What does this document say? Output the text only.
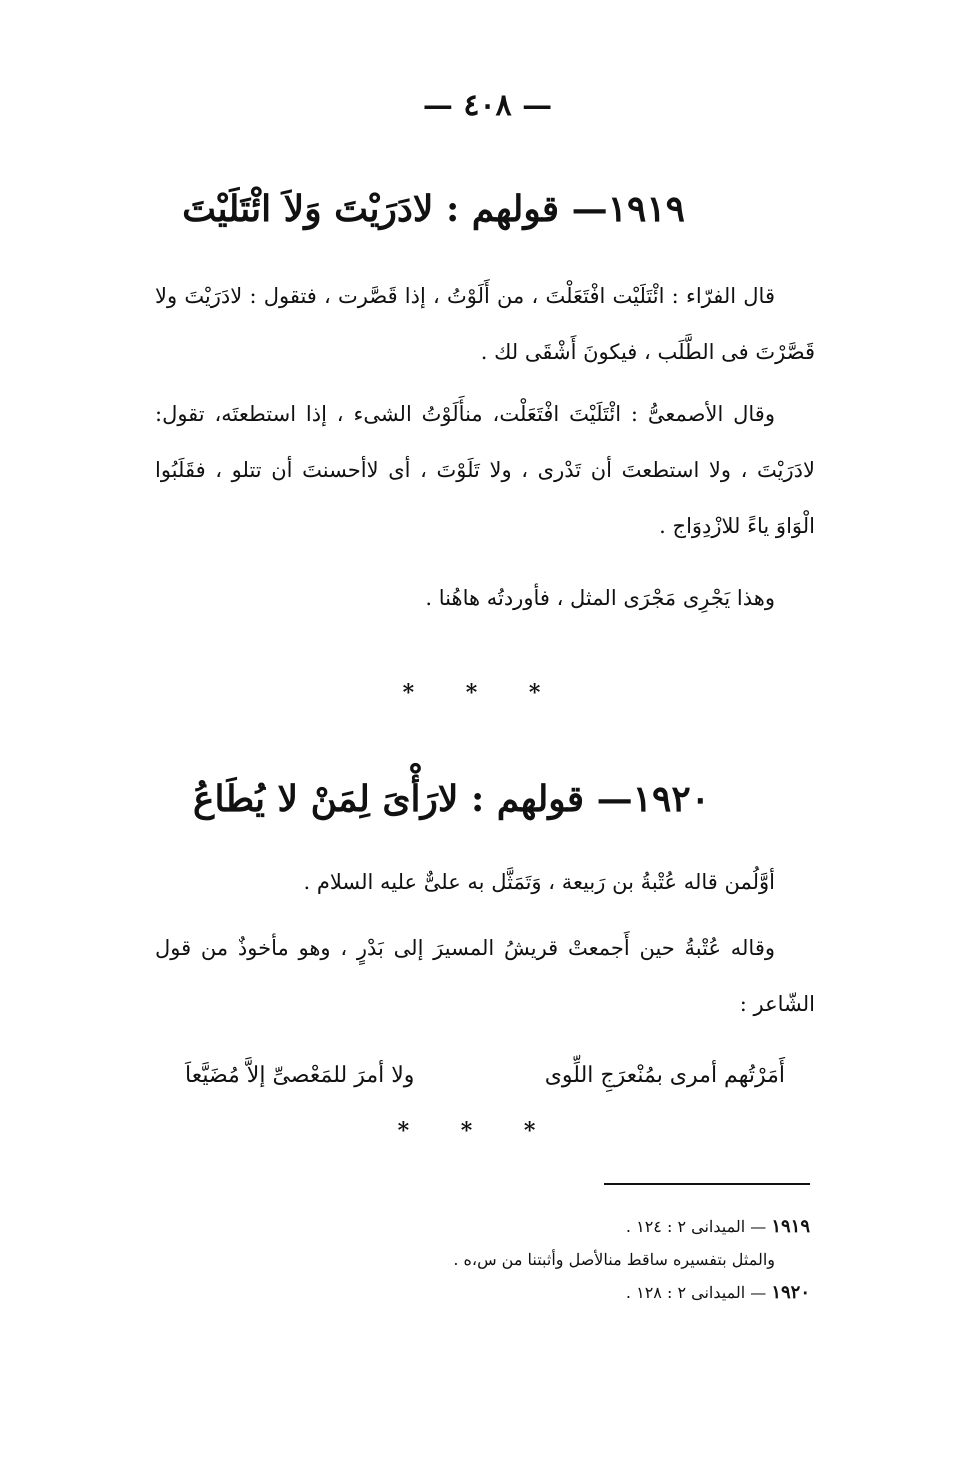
— ٤٠٨ —
١٩١٩— قولهم : لادَرَيْتَ وَلاَ ائْتَلَيْتَ
قال الفرّاء : ائْتَلَيْت افْتَعَلْتَ ، من أَلَوْتُ ، إذا قَصَّرت ، فتقول : لادَرَيْتَ ولا قَصَّرْتَ فى الطَّلَب ، فيكونَ أَشْقَى لك .
وقال الأصمعىُّ : ائْتَلَيْتَ افْتَعَلْت، منأَلَوْتُ الشىء ، إذا استطعتَه، تقول: لادَرَيْتَ ، ولا استطعتَ أن تَدْرى ، ولا تَلَوْتَ ، أى لاأحسنتَ أن تتلو ، فقَلَبُوا الْوَاوَ ياءً للازْدِوَاج .
وهذا يَجْرِى مَجْرَى المثل ، فأوردتُه هاهُنا .
* * *
١٩٢٠— قولهم : لارَأْىَ لِمَنْ لا يُطَاعُ
أوَّلُمن قاله عُتْبةُ بن رَبيعة ، وَتَمَثَّل به علىٌّ عليه السلام .
وقاله عُتْبةُ حين أَجمعتْ قريشُ المسيرَ إلى بَدْرٍ ، وهو مأخوذٌ من قول الشّاعر :
أَمَرْتُهم أمرى بمُنْعرَجِ اللِّوى
ولا أمرَ للمَعْصىِّ إلاَّ مُضَيَّعاَ
* * *
١٩١٩ — الميدانى ٢ : ١٢٤ .
والمثل بتفسيره ساقط منالأصل وأثبتنا من س،ه .
١٩٢٠ — الميدانى ٢ : ١٢٨ .
